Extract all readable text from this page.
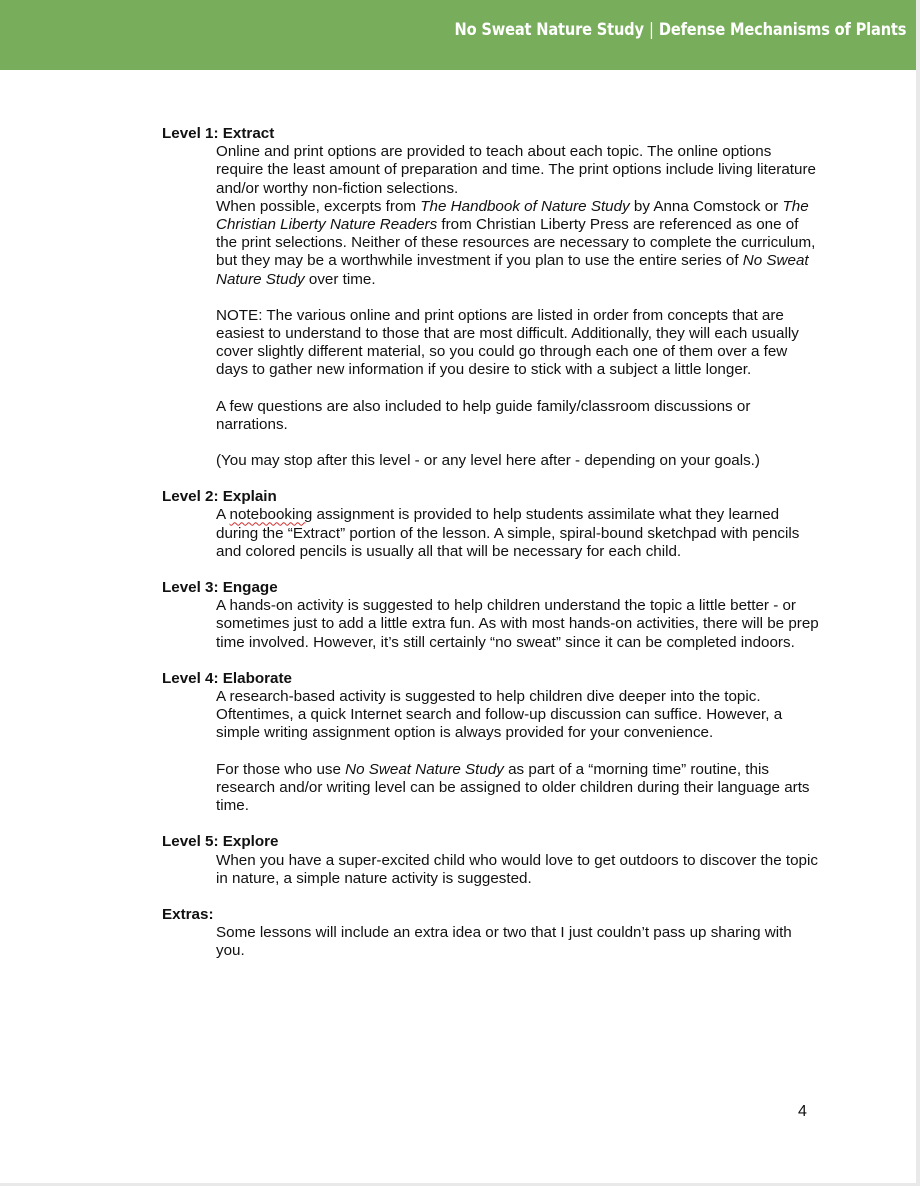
No Sweat Nature Study | Defense Mechanisms of Plants
Level 1: Extract

Online and print options are provided to teach about each topic. The online options require the least amount of preparation and time. The print options include living literature and/or worthy non-fiction selections.

When possible, excerpts from The Handbook of Nature Study by Anna Comstock or The Christian Liberty Nature Readers from Christian Liberty Press are referenced as one of the print selections. Neither of these resources are necessary to complete the curriculum, but they may be a worthwhile investment if you plan to use the entire series of No Sweat Nature Study over time.

NOTE: The various online and print options are listed in order from concepts that are easiest to understand to those that are most difficult. Additionally, they will each usually cover slightly different material, so you could go through each one of them over a few days to gather new information if you desire to stick with a subject a little longer.

A few questions are also included to help guide family/classroom discussions or narrations.

(You may stop after this level - or any level here after - depending on your goals.)

Level 2: Explain

A notebooking assignment is provided to help students assimilate what they learned during the “Extract” portion of the lesson. A simple, spiral-bound sketchpad with pencils and colored pencils is usually all that will be necessary for each child.

Level 3: Engage

A hands-on activity is suggested to help children understand the topic a little better - or sometimes just to add a little extra fun. As with most hands-on activities, there will be prep time involved. However, it’s still certainly “no sweat” since it can be completed indoors.

Level 4: Elaborate

A research-based activity is suggested to help children dive deeper into the topic. Oftentimes, a quick Internet search and follow-up discussion can suffice. However, a simple writing assignment option is always provided for your convenience.

For those who use No Sweat Nature Study as part of a “morning time” routine, this research and/or writing level can be assigned to older children during their language arts time.

Level 5: Explore

When you have a super-excited child who would love to get outdoors to discover the topic in nature, a simple nature activity is suggested.

Extras:

Some lessons will include an extra idea or two that I just couldn’t pass up sharing with you.

4
